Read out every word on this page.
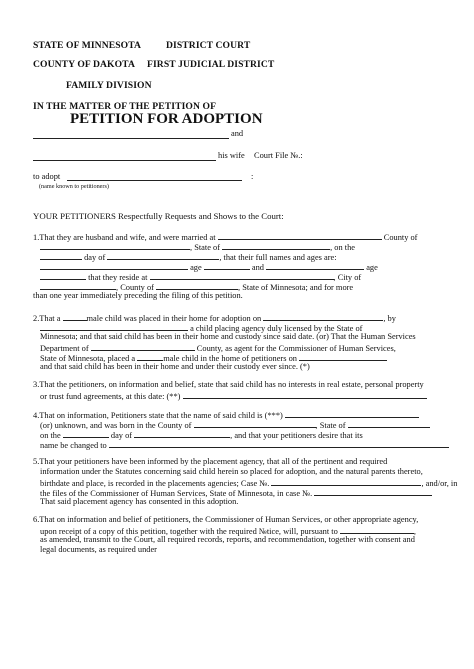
STATE OF MINNESOTA	DISTRICT COURT
COUNTY OF DAKOTA FIRST JUDICIAL DISTRICT
FAMILY DIVISION
IN THE MATTER OF THE PETITION OF
PETITION FOR ADOPTION
and
his wife Court File №.:
to adopt	:
(name known to petitioners)
YOUR PETITIONERS Respectfully Requests and Shows to the Court:
1.That they are husband and wife, and were married at	County of
, State of	, on the
day of	, that their full names and ages are:
age	and	age
that they reside at	, City of
, County of	, State of Minnesota; and for more
than one year immediately preceding the filing of this petition.
2.That a	male child was placed in their home for adoption on	, by
a child placing agency duly licensed by the State of
Minnesota; and that said child has been in their home and custody since said date. (or) That the Human Services
Department of	County, as agent for the Commissioner of Human Services,
State of Minnesota, placed a	male child in the home of petitioners on
and that said child has been in their home and under their custody ever since. (*)
3.That the petitioners, on information and belief, state that said child has no interests in real estate, personal property
or trust fund agreements, at this date: (**)
4.That on information, Petitioners state that the name of said child is (***)
(or) unknown, and was born in the County of	, State of
on the	day of	, and that your petitioners desire that its
name be changed to
5.That your petitioners have been informed by the placement agency, that all of the pertinent and required
information under the Statutes concerning said child herein so placed for adoption, and the natural parents thereto,
birthdate and place, is recorded in the placements agencies; Case №.	, and/or, in
the files of the Commissioner of Human Services, State of Minnesota, in case №.
That said placement agency has consented in this adoption.
6.That on information and belief of petitioners, the Commissioner of Human Services, or other appropriate agency,
upon receipt of a copy of this petition, together with the required №tice, will, pursuant to	,
as amended, transmit to the Court, all required records, reports, and recommendation, together with consent and
legal documents, as required under
